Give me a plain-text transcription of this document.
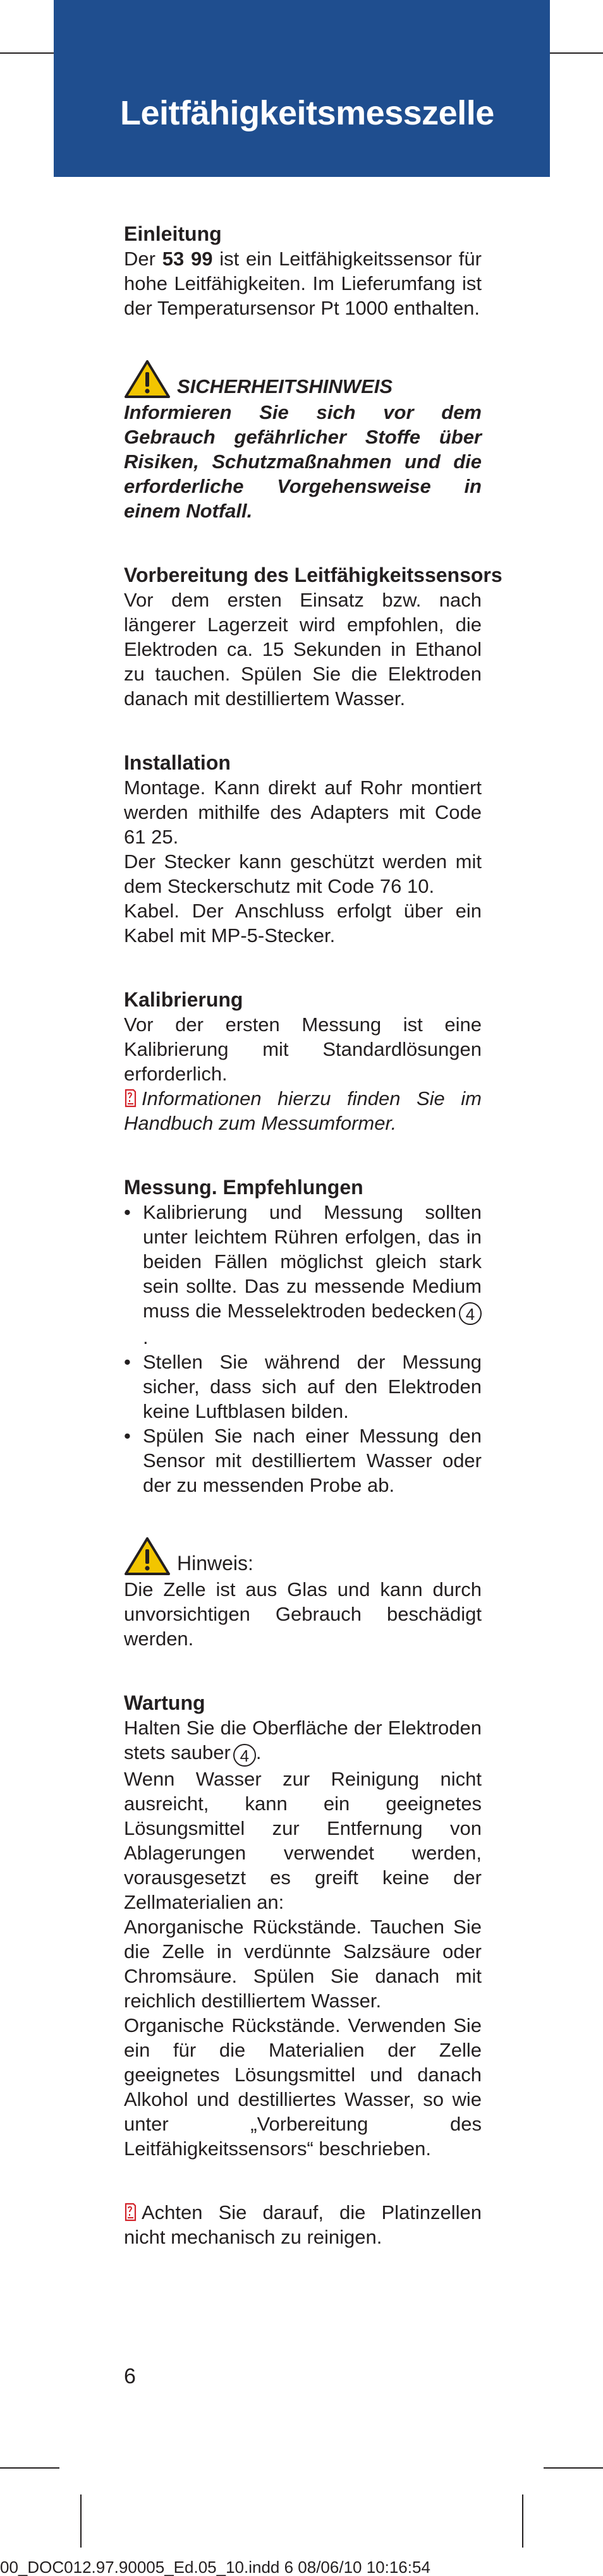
Leitfähigkeitsmesszelle
Einleitung

Der 53 99 ist ein Leitfähigkeitssensor für hohe Leitfähigkeiten. Im Lieferumfang ist der Temperatursensor Pt 1000 enthalten.

SICHERHEITSHINWEIS

Informieren Sie sich vor dem Gebrauch gefährlicher Stoffe über Risiken, Schutzmaßnahmen und die erforderliche Vorgehensweise in einem Notfall.

Vorbereitung des Leitfähigkeitssensors

Vor dem ersten Einsatz bzw. nach längerer Lagerzeit wird empfohlen, die Elektroden ca. 15 Sekunden in Ethanol zu tauchen. Spülen Sie die Elektroden danach mit destilliertem Wasser.

Installation

Montage. Kann direkt auf Rohr montiert werden mithilfe des Adapters mit Code 61 25.

Der Stecker kann geschützt werden mit dem Steckerschutz mit Code 76 10.

Kabel. Der Anschluss erfolgt über ein Kabel mit MP-5-Stecker.

Kalibrierung

Vor der ersten Messung ist eine Kalibrierung mit Standardlösungen erforderlich.

Informationen hierzu finden Sie im Handbuch zum Messumformer.

Messung. Empfehlungen
• Kalibrierung und Messung sollten unter leichtem Rühren erfolgen, das in beiden Fällen möglichst gleich stark sein sollte. Das zu messende Medium muss die Messelektroden bedecken 4.
• Stellen Sie während der Messung sicher, dass sich auf den Elektroden keine Luftblasen bilden.
• Spülen Sie nach einer Messung den Sensor mit destilliertem Wasser oder der zu messenden Probe ab.
Hinweis:

Die Zelle ist aus Glas und kann durch unvorsichtigen Gebrauch beschädigt werden.

Wartung

Halten Sie die Oberfläche der Elektroden stets sauber 4 .

Wenn Wasser zur Reinigung nicht ausreicht, kann ein geeignetes Lösungsmittel zur Entfernung von Ablagerungen verwendet werden, vorausgesetzt es greift keine der Zellmaterialien an:

Anorganische Rückstände. Tauchen Sie die Zelle in verdünnte Salzsäure oder Chromsäure. Spülen Sie danach mit reichlich destilliertem Wasser.

Organische Rückstände. Verwenden Sie ein für die Materialien der Zelle geeignetes Lösungsmittel und danach Alkohol und destilliertes Wasser, so wie unter „Vorbereitung des Leitfähigkeitssensors“ beschrieben.

Achten Sie darauf, die Platinzellen nicht mechanisch zu reinigen.

6
00_DOC012.97.90005_Ed.05_10.indd 6 08/06/10 10:16:54
